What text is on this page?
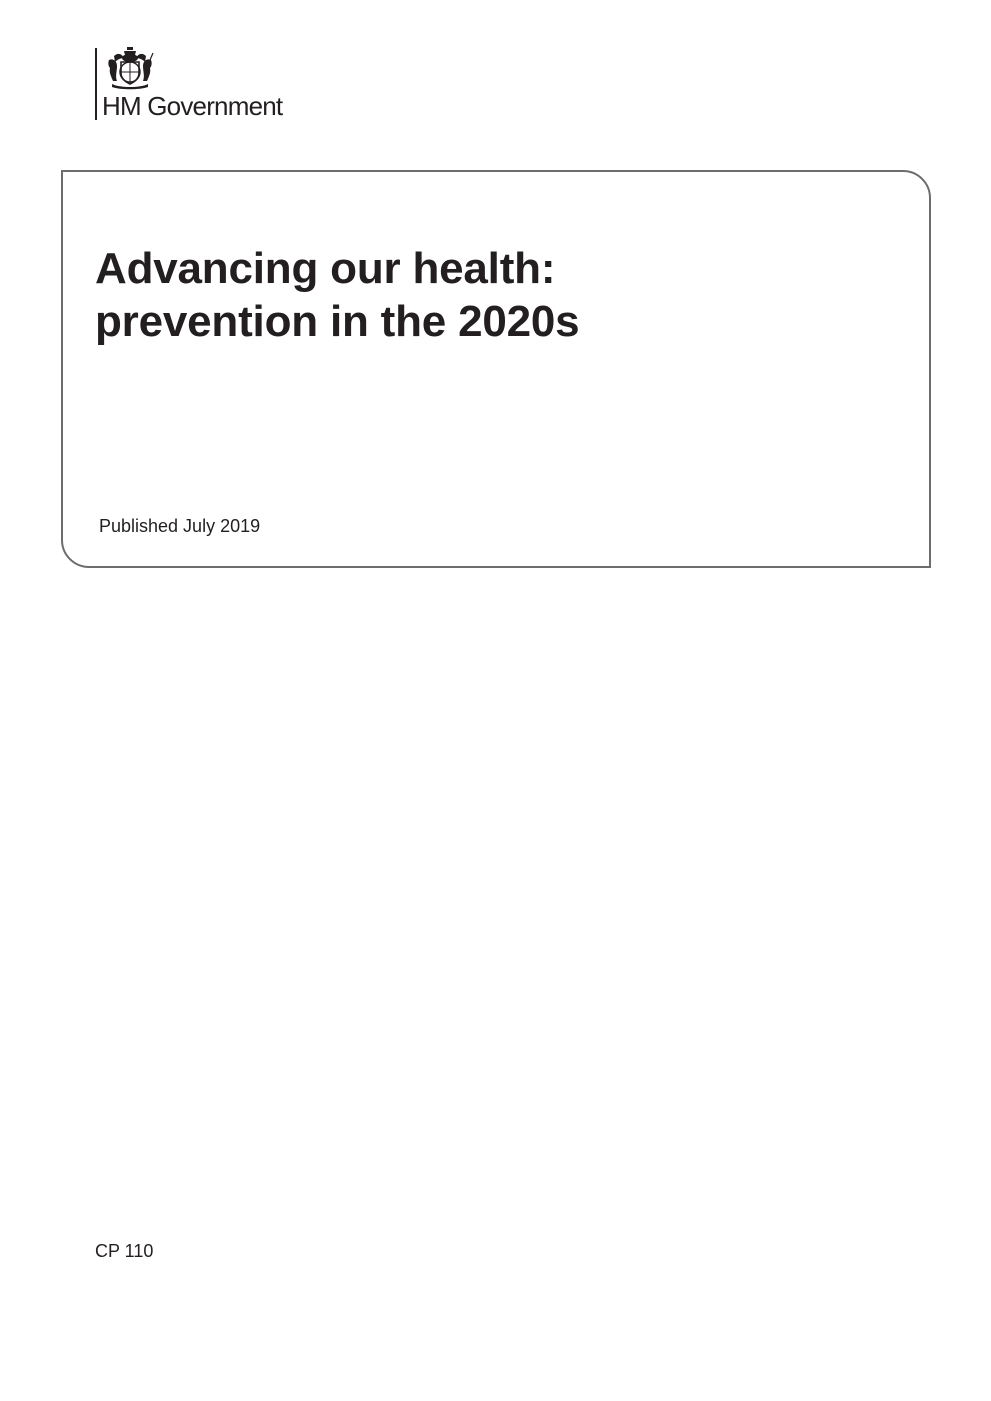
HM Government
Advancing our health:
prevention in the 2020s
Published July 2019
CP 110
